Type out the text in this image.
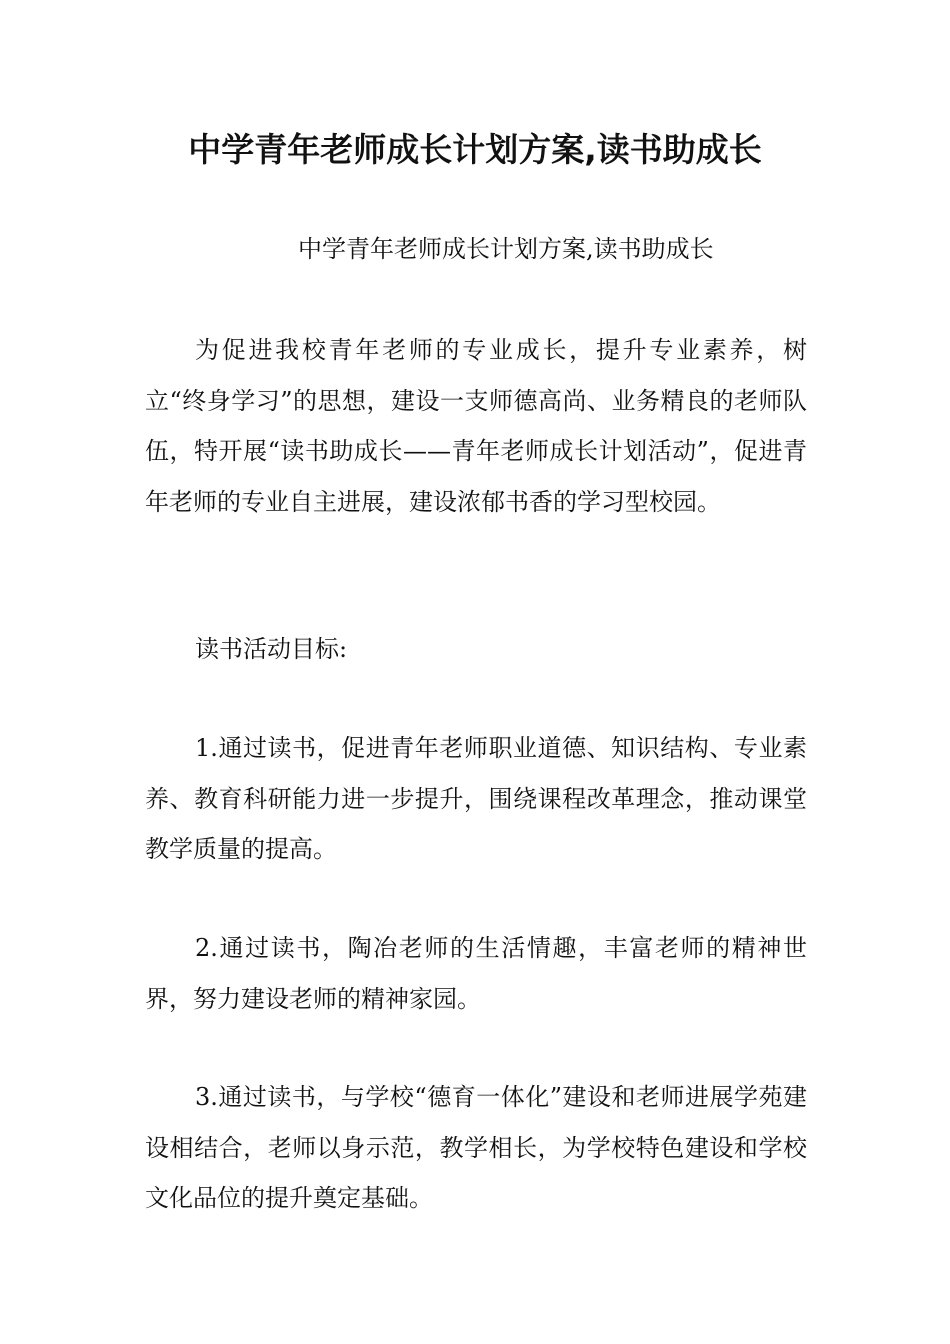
中学青年老师成长计划方案,读书助成长
中学青年老师成长计划方案,读书助成长

为促进我校青年老师的专业成长，提升专业素养，树立“终身学习”的思想，建设一支师德高尚、业务精良的老师队伍，特开展“读书助成长——青年老师成长计划活动”，促进青年老师的专业自主进展，建设浓郁书香的学习型校园。

读书活动目标:

1.通过读书，促进青年老师职业道德、知识结构、专业素养、教育科研能力进一步提升，围绕课程改革理念，推动课堂教学质量的提高。

2.通过读书，陶冶老师的生活情趣，丰富老师的精神世界，努力建设老师的精神家园。

3.通过读书，与学校“德育一体化”建设和老师进展学苑建设相结合，老师以身示范，教学相长，为学校特色建设和学校文化品位的提升奠定基础。
